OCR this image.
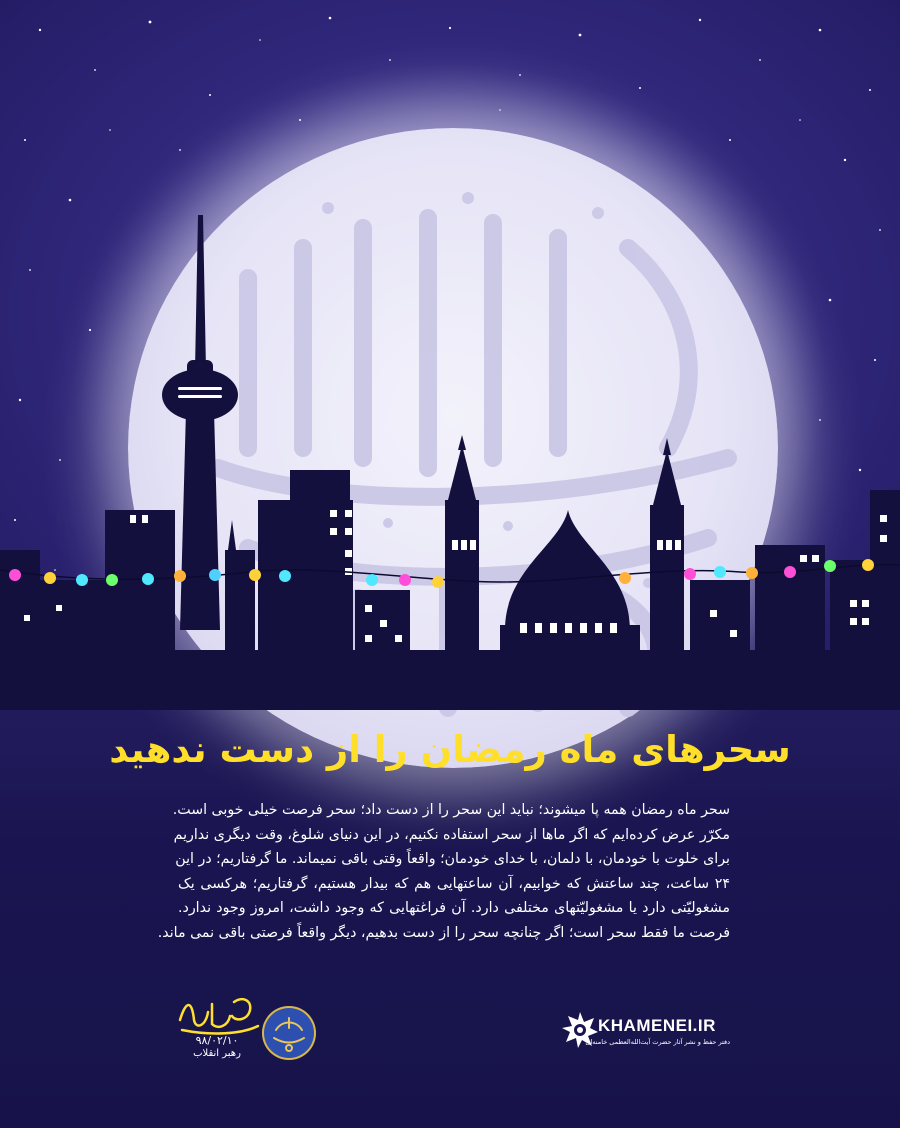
سحرهای ماه رمضان را از دست ندهید
سحر ماه رمضان همه پا میشوند؛ نباید این سحر را از دست داد؛ سحر فرصت خیلی خوبی است.
مکرّر عرض کرده‌ایم که اگر ماها از سحر استفاده نکنیم، در این دنیای شلوغ، وقت دیگری نداریم
برای خلوت با خودمان، با دلمان، با خدای خودمان؛ واقعاً وقتی باقی نمیماند. ما گرفتاریم؛ در این
۲۴ ساعت، چند ساعتش که خوابیم، آن ساعتهایی هم که بیدار هستیم، گرفتاریم؛ هرکسی یک
مشغولیّتی دارد یا مشغولیّتهای مختلفی دارد. آن فراغتهایی که وجود داشت، امروز وجود ندارد.
فرصت ما فقط سحر است؛ اگر چنانچه سحر را از دست بدهیم، دیگر واقعاً فرصتی باقی نمی ماند.
۹۸/۰۲/۱۰
رهبر انقلاب
KHAMENEI.IR
دفتر حفظ و نشر آثار حضرت آیت‌الله‌العظمی خامنه‌ای
